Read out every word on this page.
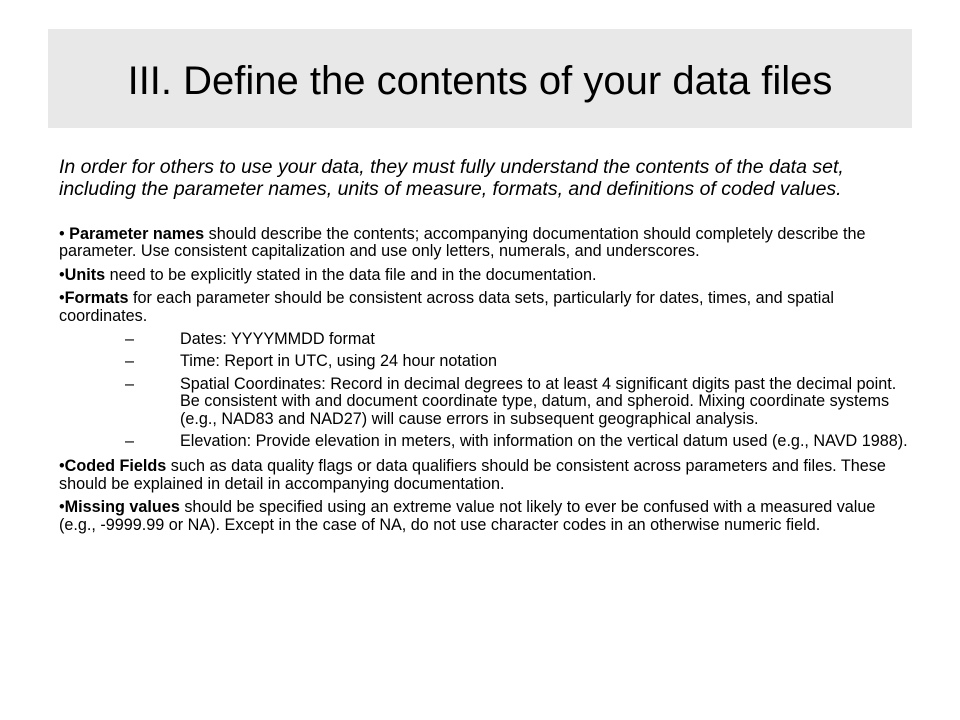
III. Define the contents of your data files

In order for others to use your data, they must fully understand the contents of the data set, including the parameter names, units of measure, formats, and definitions of coded values.

• Parameter names should describe the contents; accompanying documentation should completely describe the parameter. Use consistent capitalization and use only letters, numerals, and underscores.

•Units need to be explicitly stated in the data file and in the documentation.

•Formats for each parameter should be consistent across data sets, particularly for dates, times, and spatial coordinates.

–	Dates: YYYYMMDD format
–	Time: Report in UTC, using 24 hour notation
–	Spatial Coordinates: Record in decimal degrees to at least 4 significant digits past the decimal point. Be consistent with and document coordinate type, datum, and spheroid. Mixing coordinate systems (e.g., NAD83 and NAD27) will cause errors in subsequent geographical analysis.
–	Elevation: Provide elevation in meters, with information on the vertical datum used (e.g., NAVD 1988).

•Coded Fields such as data quality flags or data qualifiers should be consistent across parameters and files. These should be explained in detail in accompanying documentation.

•Missing values should be specified using an extreme value not likely to ever be confused with a measured value (e.g., -9999.99 or NA). Except in the case of NA, do not use character codes in an otherwise numeric field.
